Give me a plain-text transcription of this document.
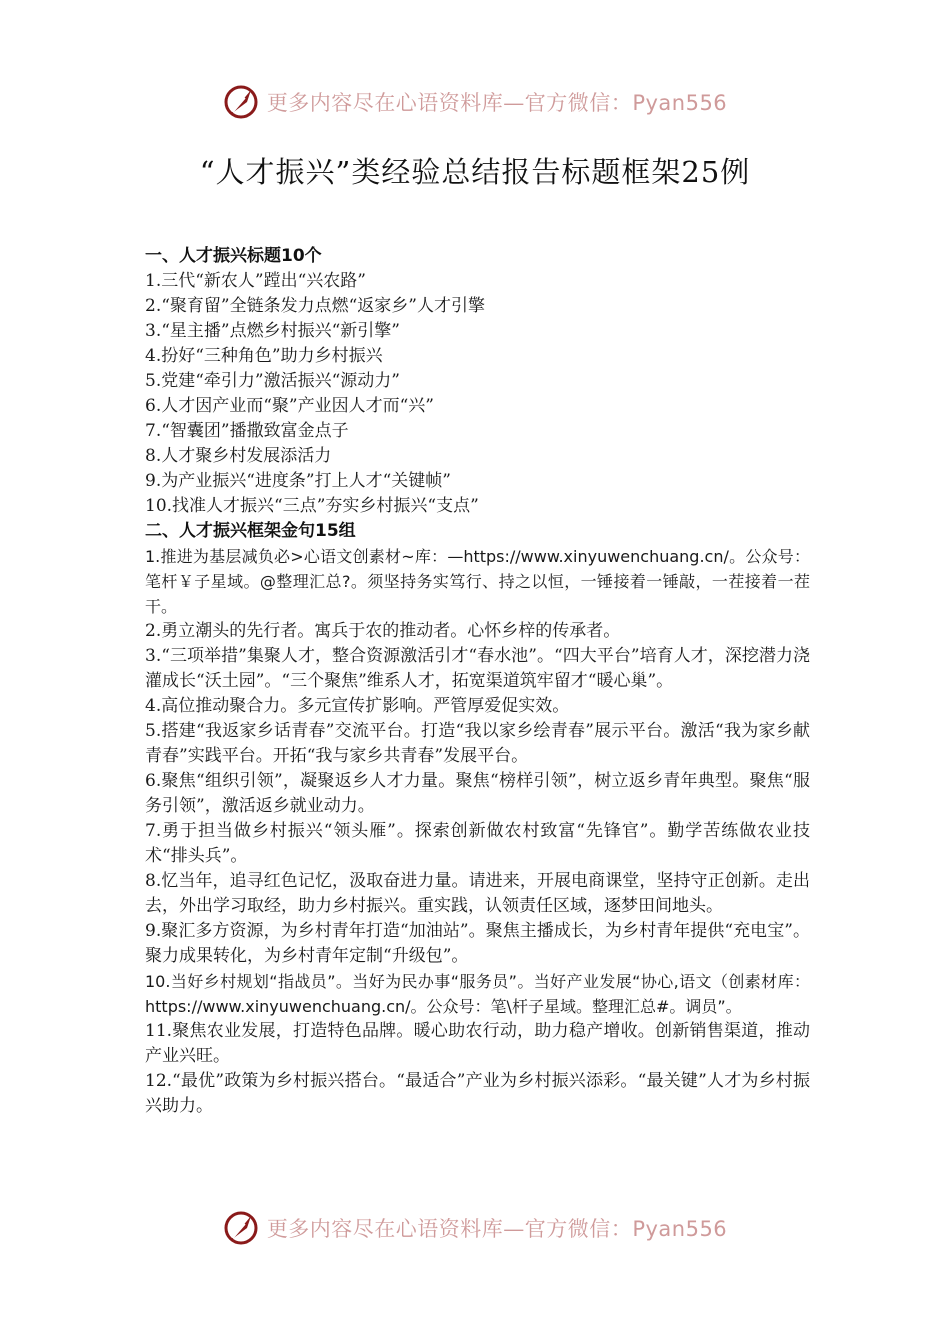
更多内容尽在心语资料库—官方微信：Pyan556
“人才振兴”类经验总结报告标题框架25例
一、人才振兴标题10个
1.三代“新农人”蹚出“兴农路”
2.“聚育留”全链条发力点燃“返家乡”人才引擎
3.“星主播”点燃乡村振兴“新引擎”
4.扮好“三种角色”助力乡村振兴
5.党建“牵引力”激活振兴“源动力”
6.人才因产业而“聚”产业因人才而“兴”
7.“智囊团”播撒致富金点子
8.人才聚乡村发展添活力
9.为产业振兴“进度条”打上人才“关键帧”
10.找准人才振兴“三点”夯实乡村振兴“支点”
二、人才振兴框架金句15组
1.推进为基层减负必>心语文创素材~库：—https://www.xinyuwenchuang.cn/。公众号：笔杆￥子星域。@整理汇总?。须坚持务实笃行、持之以恒，一锤接着一锤敲，一茬接着一茬干。
2.勇立潮头的先行者。寓兵于农的推动者。心怀乡梓的传承者。
3.“三项举措”集聚人才，整合资源激活引才“春水池”。“四大平台”培育人才，深挖潜力浇灌成长“沃土园”。“三个聚焦”维系人才，拓宽渠道筑牢留才“暖心巢”。
4.高位推动聚合力。多元宣传扩影响。严管厚爱促实效。
5.搭建“我返家乡话青春”交流平台。打造“我以家乡绘青春”展示平台。激活“我为家乡献青春”实践平台。开拓“我与家乡共青春”发展平台。
6.聚焦“组织引领”，凝聚返乡人才力量。聚焦“榜样引领”，树立返乡青年典型。聚焦“服务引领”，激活返乡就业动力。
7.勇于担当做乡村振兴“领头雁”。探索创新做农村致富“先锋官”。勤学苦练做农业技术“排头兵”。
8.忆当年，追寻红色记忆，汲取奋进力量。请进来，开展电商课堂，坚持守正创新。走出去，外出学习取经，助力乡村振兴。重实践，认领责任区域，逐梦田间地头。
9.聚汇多方资源，为乡村青年打造“加油站”。聚焦主播成长，为乡村青年提供“充电宝”。聚力成果转化，为乡村青年定制“升级包”。
10.当好乡村规划“指战员”。当好为民办事“服务员”。当好产业发展“协心,语文（创素材库：https://www.xinyuwenchuang.cn/。公众号：笔\杆子星域。整理汇总#。调员”。
11.聚焦农业发展，打造特色品牌。暖心助农行动，助力稳产增收。创新销售渠道，推动产业兴旺。
12.“最优”政策为乡村振兴搭台。“最适合”产业为乡村振兴添彩。“最关键”人才为乡村振兴助力。
更多内容尽在心语资料库—官方微信：Pyan556
